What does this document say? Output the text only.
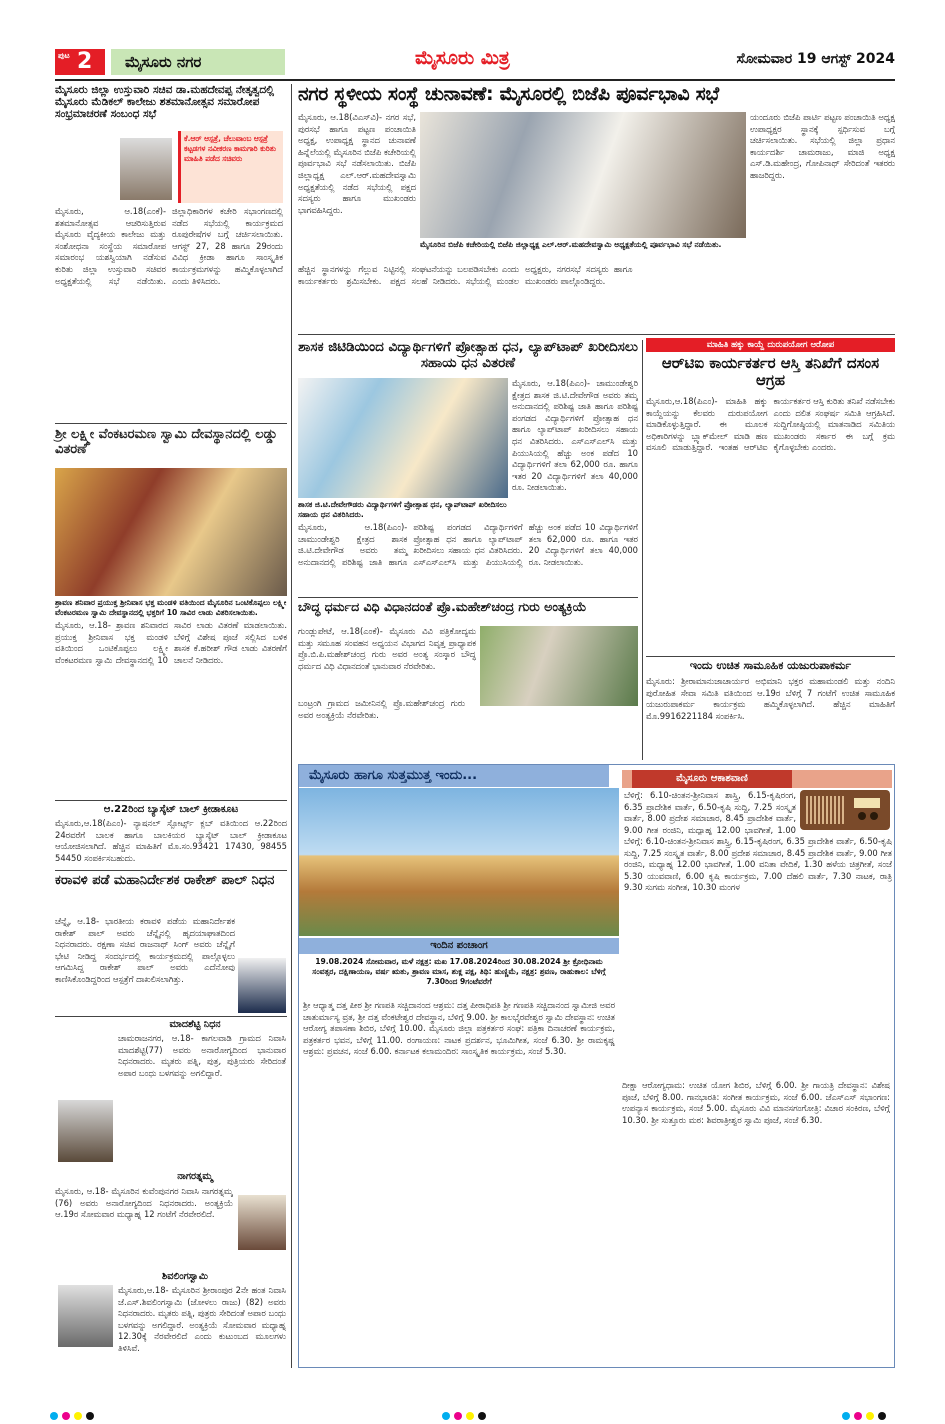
ಪುಟ 2	ಮೈಸೂರು ನಗರ	ಮೈಸೂರು ಮಿತ್ರ	ಸೋಮವಾರ 19 ಆಗಸ್ಟ್ 2024
ಮೈಸೂರು ಜಿಲ್ಲಾ ಉಸ್ತುವಾರಿ ಸಚಿವ ಡಾ.ಮಹದೇವಪ್ಪ ನೇತೃತ್ವದಲ್ಲಿ ಮೈಸೂರು ಮೆಡಿಕಲ್ ಕಾಲೇಜು ಶತಮಾನೋತ್ಸವ ಸಮಾರೋಪ ಸಂಭ್ರಮಾಚರಣೆ ಸಂಬಂಧ ಸಭೆ
ಕೆ.ಆರ್ ಆಸ್ಪತ್ರೆ, ಚೆಲುವಾಂಬ ಆಸ್ಪತ್ರೆ ಕಟ್ಟಡಗಳ ನವೀಕರಣ ಕಾಮಗಾರಿ ಕುರಿತು ಮಾಹಿತಿ ಪಡೆದ ಸಚಿವರು
ಮೈಸೂರು, ಆ.18(ಎಂಕೆ)- ಶತಮಾನೋತ್ಸವ ಆಚರಿಸುತ್ತಿರುವ ಮೈಸೂರು ವೈದ್ಯಕೀಯ ಕಾಲೇಜು ಮತ್ತು ಸಂಶೋಧನಾ ಸಂಸ್ಥೆಯ ಸಮಾರೋಪ ಸಮಾರಂಭ ಯಶಸ್ವಿಯಾಗಿ ನಡೆಸುವ ಕುರಿತು ಜಿಲ್ಲಾ ಉಸ್ತುವಾರಿ ಸಚಿವರ ಅಧ್ಯಕ್ಷತೆಯಲ್ಲಿ ಸಭೆ ನಡೆಯಿತು. ಜಿಲ್ಲಾಧಿಕಾರಿಗಳ ಕಚೇರಿ ಸಭಾಂಗಣದಲ್ಲಿ ನಡೆದ ಸಭೆಯಲ್ಲಿ ಕಾರ್ಯಕ್ರಮದ ರೂಪುರೇಷೆಗಳ ಬಗ್ಗೆ ಚರ್ಚಿಸಲಾಯಿತು. ಆಗಸ್ಟ್ 27, 28 ಹಾಗೂ 29ರಂದು ವಿವಿಧ ಕ್ರೀಡಾ ಹಾಗೂ ಸಾಂಸ್ಕೃತಿಕ ಕಾರ್ಯಕ್ರಮಗಳನ್ನು ಹಮ್ಮಿಕೊಳ್ಳಲಾಗಿದೆ ಎಂದು ತಿಳಿಸಿದರು.
ಶ್ರೀ ಲಕ್ಷ್ಮೀ ವೆಂಕಟರಮಣ ಸ್ವಾಮಿ ದೇವಸ್ಥಾನದಲ್ಲಿ ಲಡ್ಡು ವಿತರಣೆ
ಶ್ರಾವಣ ಶನಿವಾರ ಪ್ರಯುಕ್ತ ಶ್ರೀನಿವಾಸ ಭಕ್ತ ಮಂಡಳಿ ವತಿಯಿಂದ ಮೈಸೂರಿನ ಒಂಟಿಕೊಪ್ಪಲು ಲಕ್ಷ್ಮೀ ವೆಂಕಟರಮಣ ಸ್ವಾಮಿ ದೇವಸ್ಥಾನದಲ್ಲಿ ಭಕ್ತರಿಗೆ 10 ಸಾವಿರ ಲಾಡು ವಿತರಿಸಲಾಯಿತು.
ಮೈಸೂರು, ಆ.18- ಶ್ರಾವಣ ಶನಿವಾರದ ಪ್ರಯುಕ್ತ ಶ್ರೀನಿವಾಸ ಭಕ್ತ ಮಂಡಳಿ ವತಿಯಿಂದ ಒಂಟಿಕೊಪ್ಪಲು ಲಕ್ಷ್ಮೀ ವೆಂಕಟರಮಣ ಸ್ವಾಮಿ ದೇವಸ್ಥಾನದಲ್ಲಿ 10 ಸಾವಿರ ಲಾಡು ವಿತರಣೆ ಮಾಡಲಾಯಿತು. ಬೆಳಿಗ್ಗೆ ವಿಶೇಷ ಪೂಜೆ ಸಲ್ಲಿಸಿದ ಬಳಿಕ ಶಾಸಕ ಕೆ.ಹರೀಶ್ ಗೌಡ ಲಾಡು ವಿತರಣೆಗೆ ಚಾಲನೆ ನೀಡಿದರು.
ಆ.22ರಿಂದ ಬ್ಯಾಸ್ಕೆಟ್ ಬಾಲ್ ಕ್ರೀಡಾಕೂಟ
ಮೈಸೂರು,ಆ.18(ಪಿಎಂ)- ನ್ಯಾಷನಲ್ ಸ್ಪೋರ್ಟ್ಸ್ ಕ್ಲಬ್ ವತಿಯಿಂದ ಆ.22ರಿಂದ 24ರವರೆಗೆ ಬಾಲಕ ಹಾಗೂ ಬಾಲಕಿಯರ ಬ್ಯಾಸ್ಕೆಟ್ ಬಾಲ್ ಕ್ರೀಡಾಕೂಟ ಆಯೋಜಿಸಲಾಗಿದೆ. ಹೆಚ್ಚಿನ ಮಾಹಿತಿಗೆ ಮೊ.ಸಂ.93421 17430, 98455 54450 ಸಂಪರ್ಕಿಸಬಹುದು.
ಕರಾವಳಿ ಪಡೆ ಮಹಾನಿರ್ದೇಶಕ ರಾಕೇಶ್ ಪಾಲ್ ನಿಧನ
ಚೆನ್ನೈ, ಆ.18- ಭಾರತೀಯ ಕರಾವಳಿ ಪಡೆಯ ಮಹಾನಿರ್ದೇಶಕ ರಾಕೇಶ್ ಪಾಲ್ ಅವರು ಚೆನ್ನೈನಲ್ಲಿ ಹೃದಯಾಘಾತದಿಂದ ನಿಧನರಾದರು. ರಕ್ಷಣಾ ಸಚಿವ ರಾಜನಾಥ್ ಸಿಂಗ್ ಅವರು ಚೆನ್ನೈಗೆ ಭೇಟಿ ನೀಡಿದ್ದ ಸಂದರ್ಭದಲ್ಲಿ ಕಾರ್ಯಕ್ರಮದಲ್ಲಿ ಪಾಲ್ಗೊಳ್ಳಲು ಆಗಮಿಸಿದ್ದ ರಾಕೇಶ್ ಪಾಲ್ ಅವರು ಎದೆನೋವು ಕಾಣಿಸಿಕೊಂಡಿದ್ದರಿಂದ ಆಸ್ಪತ್ರೆಗೆ ದಾಖಲಿಸಲಾಗಿತ್ತು.
ಮಾದಶೆಟ್ಟಿ ನಿಧನ
ಚಾಮರಾಜನಗರ, ಆ.18- ಕಾಗಲವಾಡಿ ಗ್ರಾಮದ ನಿವಾಸಿ ಮಾದಶೆಟ್ಟಿ(77) ಅವರು ಅನಾರೋಗ್ಯದಿಂದ ಭಾನುವಾರ ನಿಧನರಾದರು. ಮೃತರು ಪತ್ನಿ, ಪುತ್ರ, ಪುತ್ರಿಯರು ಸೇರಿದಂತೆ ಅಪಾರ ಬಂಧು ಬಳಗವನ್ನು ಅಗಲಿದ್ದಾರೆ.
ನಾಗರತ್ನಮ್ಮ
ಮೈಸೂರು, ಆ.18- ಮೈಸೂರಿನ ಕುವೆಂಪುನಗರ ನಿವಾಸಿ ನಾಗರತ್ನಮ್ಮ (76) ಅವರು ಅನಾರೋಗ್ಯದಿಂದ ನಿಧನರಾದರು. ಅಂತ್ಯಕ್ರಿಯೆ ಆ.19ರ ಸೋಮವಾರ ಮಧ್ಯಾಹ್ನ 12 ಗಂಟೆಗೆ ನೆರವೇರಲಿದೆ.
ಶಿವಲಿಂಗಸ್ವಾಮಿ
ಮೈಸೂರು,ಆ.18- ಮೈಸೂರಿನ ಶ್ರೀರಾಂಪುರ 2ನೇ ಹಂತ ನಿವಾಸಿ ಜೆ.ಎಸ್.ಶಿವಲಿಂಗಸ್ವಾಮಿ (ಜೋಳಲು ರಾಜು) (82) ಅವರು ನಿಧನರಾದರು. ಮೃತರು ಪತ್ನಿ, ಪುತ್ರರು ಸೇರಿದಂತೆ ಅಪಾರ ಬಂಧು ಬಳಗವನ್ನು ಅಗಲಿದ್ದಾರೆ. ಅಂತ್ಯಕ್ರಿಯೆ ಸೋಮವಾರ ಮಧ್ಯಾಹ್ನ 12.30ಕ್ಕೆ ನೆರವೇರಲಿದೆ ಎಂದು ಕುಟುಂಬದ ಮೂಲಗಳು ತಿಳಿಸಿವೆ.
ನಗರ ಸ್ಥಳೀಯ ಸಂಸ್ಥೆ ಚುನಾವಣೆ: ಮೈಸೂರಲ್ಲಿ ಬಿಜೆಪಿ ಪೂರ್ವಭಾವಿ ಸಭೆ
ಮೈಸೂರು, ಆ.18(ವಿಎಸ್‌ವಿ)- ನಗರ ಸಭೆ, ಪುರಸಭೆ ಹಾಗೂ ಪಟ್ಟಣ ಪಂಚಾಯಿತಿ ಅಧ್ಯಕ್ಷ, ಉಪಾಧ್ಯಕ್ಷ ಸ್ಥಾನದ ಚುನಾವಣೆ ಹಿನ್ನೆಲೆಯಲ್ಲಿ ಮೈಸೂರಿನ ಬಿಜೆಪಿ ಕಚೇರಿಯಲ್ಲಿ ಪೂರ್ವಭಾವಿ ಸಭೆ ನಡೆಸಲಾಯಿತು. ಬಿಜೆಪಿ ಜಿಲ್ಲಾಧ್ಯಕ್ಷ ಎಲ್.ಆರ್.ಮಹದೇವಸ್ವಾಮಿ ಅಧ್ಯಕ್ಷತೆಯಲ್ಲಿ ನಡೆದ ಸಭೆಯಲ್ಲಿ ಪಕ್ಷದ ಸದಸ್ಯರು ಹಾಗೂ ಮುಖಂಡರು ಭಾಗವಹಿಸಿದ್ದರು.
ಮೈಸೂರಿನ ಬಿಜೆಪಿ ಕಚೇರಿಯಲ್ಲಿ ಬಿಜೆಪಿ ಜಿಲ್ಲಾಧ್ಯಕ್ಷ ಎಲ್.ಆರ್.ಮಹದೇವಸ್ವಾಮಿ ಅಧ್ಯಕ್ಷತೆಯಲ್ಲಿ ಪೂರ್ವಭಾವಿ ಸಭೆ ನಡೆಯಿತು.
ಯಂದೂರು ಬಿಜೆಪಿ ಪಾರ್ಟಿ ಪಟ್ಟಣ ಪಂಚಾಯಿತಿ ಅಧ್ಯಕ್ಷ ಉಪಾಧ್ಯಕ್ಷರ ಸ್ಥಾನಕ್ಕೆ ಸ್ಪರ್ಧಿಸುವ ಬಗ್ಗೆ ಚರ್ಚಿಸಲಾಯಿತು. ಸಭೆಯಲ್ಲಿ ಜಿಲ್ಲಾ ಪ್ರಧಾನ ಕಾರ್ಯದರ್ಶಿ ಚಾಮರಾಜು, ಮಾಜಿ ಅಧ್ಯಕ್ಷ ಎಸ್.ಡಿ.ಮಹೇಂದ್ರ, ಗೋಪಿನಾಥ್ ಸೇರಿದಂತೆ ಇತರರು ಹಾಜರಿದ್ದರು.
ಹೆಚ್ಚಿನ ಸ್ಥಾನಗಳನ್ನು ಗೆಲ್ಲುವ ನಿಟ್ಟಿನಲ್ಲಿ ಕಾರ್ಯಕರ್ತರು ಶ್ರಮಿಸಬೇಕು. ಪಕ್ಷದ ಸಂಘಟನೆಯನ್ನು ಬಲಪಡಿಸಬೇಕು ಎಂದು ಸಲಹೆ ನೀಡಿದರು. ಸಭೆಯಲ್ಲಿ ಮಂಡಲ ಅಧ್ಯಕ್ಷರು, ನಗರಸಭೆ ಸದಸ್ಯರು ಹಾಗೂ ಮುಖಂಡರು ಪಾಲ್ಗೊಂಡಿದ್ದರು.
ಶಾಸಕ ಜಿಟಿಡಿಯಿಂದ ವಿದ್ಯಾರ್ಥಿಗಳಿಗೆ ಪ್ರೋತ್ಸಾಹ ಧನ, ಲ್ಯಾಪ್‌ಟಾಪ್ ಖರೀದಿಸಲು ಸಹಾಯ ಧನ ವಿತರಣೆ
ಶಾಸಕ ಜಿ.ಟಿ.ದೇವೇಗೌಡರು ವಿದ್ಯಾರ್ಥಿಗಳಿಗೆ ಪ್ರೋತ್ಸಾಹ ಧನ, ಲ್ಯಾಪ್‌ಟಾಪ್ ಖರೀದಿಸಲು ಸಹಾಯ ಧನ ವಿತರಿಸಿದರು.
ಮೈಸೂರು, ಆ.18(ಪಿಎಂ)- ಚಾಮುಂಡೇಶ್ವರಿ ಕ್ಷೇತ್ರದ ಶಾಸಕ ಜಿ.ಟಿ.ದೇವೇಗೌಡ ಅವರು ತಮ್ಮ ಅನುದಾನದಲ್ಲಿ ಪರಿಶಿಷ್ಟ ಜಾತಿ ಹಾಗೂ ಪರಿಶಿಷ್ಟ ಪಂಗಡದ ವಿದ್ಯಾರ್ಥಿಗಳಿಗೆ ಪ್ರೋತ್ಸಾಹ ಧನ ಹಾಗೂ ಲ್ಯಾಪ್‌ಟಾಪ್ ಖರೀದಿಸಲು ಸಹಾಯ ಧನ ವಿತರಿಸಿದರು. ಎಸ್‌ಎಸ್‌ಎಲ್‌ಸಿ ಮತ್ತು ಪಿಯುಸಿಯಲ್ಲಿ ಹೆಚ್ಚು ಅಂಕ ಪಡೆದ 10 ವಿದ್ಯಾರ್ಥಿಗಳಿಗೆ ತಲಾ 62,000 ರೂ. ಹಾಗೂ ಇತರ 20 ವಿದ್ಯಾರ್ಥಿಗಳಿಗೆ ತಲಾ 40,000 ರೂ. ನೀಡಲಾಯಿತು.
ಮೈಸೂರು, ಆ.18(ಪಿಎಂ)- ಚಾಮುಂಡೇಶ್ವರಿ ಕ್ಷೇತ್ರದ ಶಾಸಕ ಜಿ.ಟಿ.ದೇವೇಗೌಡ ಅವರು ತಮ್ಮ ಅನುದಾನದಲ್ಲಿ ಪರಿಶಿಷ್ಟ ಜಾತಿ ಹಾಗೂ ಪರಿಶಿಷ್ಟ ಪಂಗಡದ ವಿದ್ಯಾರ್ಥಿಗಳಿಗೆ ಪ್ರೋತ್ಸಾಹ ಧನ ಹಾಗೂ ಲ್ಯಾಪ್‌ಟಾಪ್ ಖರೀದಿಸಲು ಸಹಾಯ ಧನ ವಿತರಿಸಿದರು. ಎಸ್‌ಎಸ್‌ಎಲ್‌ಸಿ ಮತ್ತು ಪಿಯುಸಿಯಲ್ಲಿ ಹೆಚ್ಚು ಅಂಕ ಪಡೆದ 10 ವಿದ್ಯಾರ್ಥಿಗಳಿಗೆ ತಲಾ 62,000 ರೂ. ಹಾಗೂ ಇತರ 20 ವಿದ್ಯಾರ್ಥಿಗಳಿಗೆ ತಲಾ 40,000 ರೂ. ನೀಡಲಾಯಿತು.
ಬೌದ್ಧ ಧರ್ಮದ ವಿಧಿ ವಿಧಾನದಂತೆ ಪ್ರೊ.ಮಹೇಶ್‌ಚಂದ್ರ ಗುರು ಅಂತ್ಯಕ್ರಿಯೆ
ಗುಂಡ್ಲುಪೇಟೆ, ಆ.18(ಎಂಕೆ)- ಮೈಸೂರು ವಿವಿ ಪತ್ರಿಕೋದ್ಯಮ ಮತ್ತು ಸಮೂಹ ಸಂವಹನ ಅಧ್ಯಯನ ವಿಭಾಗದ ನಿವೃತ್ತ ಪ್ರಾಧ್ಯಾಪಕ ಪ್ರೊ.ಬಿ.ಪಿ.ಮಹೇಶ್‌ಚಂದ್ರ ಗುರು ಅವರ ಅಂತ್ಯ ಸಂಸ್ಕಾರ ಬೌದ್ಧ ಧರ್ಮದ ವಿಧಿ ವಿಧಾನದಂತೆ ಭಾನುವಾರ ನೆರವೇರಿತು.
ಬಂಟ್ರಂಗಿ ಗ್ರಾಮದ ಜಮೀನಿನಲ್ಲಿ ಪ್ರೊ.ಮಹೇಶ್‌ಚಂದ್ರ ಗುರು ಅವರ ಅಂತ್ಯಕ್ರಿಯೆ ನೆರವೇರಿತು.
ಮಾಹಿತಿ ಹಕ್ಕು ಕಾಯ್ದೆ ದುರುಪಯೋಗ ಆರೋಪ
ಆರ್‌ಟಿಐ ಕಾರ್ಯಕರ್ತರ ಆಸ್ತಿ ತನಿಖೆಗೆ ದಸಂಸ ಆಗ್ರಹ
ಮೈಸೂರು,ಆ.18(ಪಿಎಂ)- ಮಾಹಿತಿ ಹಕ್ಕು ಕಾಯ್ದೆಯನ್ನು ಕೆಲವರು ದುರುಪಯೋಗ ಮಾಡಿಕೊಳ್ಳುತ್ತಿದ್ದಾರೆ. ಈ ಮೂಲಕ ಅಧಿಕಾರಿಗಳನ್ನು ಬ್ಲ್ಯಾಕ್‌ಮೇಲ್ ಮಾಡಿ ಹಣ ವಸೂಲಿ ಮಾಡುತ್ತಿದ್ದಾರೆ. ಇಂತಹ ಆರ್‌ಟಿಐ ಕಾರ್ಯಕರ್ತರ ಆಸ್ತಿ ಕುರಿತು ತನಿಖೆ ನಡೆಸಬೇಕು ಎಂದು ದಲಿತ ಸಂಘರ್ಷ ಸಮಿತಿ ಆಗ್ರಹಿಸಿದೆ. ಸುದ್ದಿಗೋಷ್ಠಿಯಲ್ಲಿ ಮಾತನಾಡಿದ ಸಮಿತಿಯ ಮುಖಂಡರು ಸರ್ಕಾರ ಈ ಬಗ್ಗೆ ಕ್ರಮ ಕೈಗೊಳ್ಳಬೇಕು ಎಂದರು.
ಇಂದು ಉಚಿತ ಸಾಮೂಹಿಕ ಯಜುರುಪಾಕರ್ಮ
ಮೈಸೂರು: ಶ್ರೀರಾಮಾನುಜಾಚಾರ್ಯರ ಅಭಿಮಾನಿ ಭಕ್ತರ ಮಹಾಮಂಡಲಿ ಮತ್ತು ನಂದಿನಿ ಪುರೋಹಿತ ಸೇವಾ ಸಮಿತಿ ವತಿಯಿಂದ ಆ.19ರ ಬೆಳಿಗ್ಗೆ 7 ಗಂಟೆಗೆ ಉಚಿತ ಸಾಮೂಹಿಕ ಯಜುರುಪಾಕರ್ಮ ಕಾರ್ಯಕ್ರಮ ಹಮ್ಮಿಕೊಳ್ಳಲಾಗಿದೆ. ಹೆಚ್ಚಿನ ಮಾಹಿತಿಗೆ ಮೊ.9916221184 ಸಂಪರ್ಕಿಸಿ.
ಮೈಸೂರು ಹಾಗೂ ಸುತ್ತಮುತ್ತ ಇಂದು...
ಇಂದಿನ ಪಂಚಾಂಗ
19.08.2024 ಸೋಮವಾರ, ಮಳೆ ನಕ್ಷತ್ರ: ಮಖ 17.08.2024ರಿಂದ 30.08.2024 ಶ್ರೀ ಕ್ರೋಧಿನಾಮ ಸಂವತ್ಸರ, ದಕ್ಷಿಣಾಯಣ, ವರ್ಷ ಋತು, ಶ್ರಾವಣ ಮಾಸ, ಶುಕ್ಲ ಪಕ್ಷ, ತಿಥಿ: ಹುಣ್ಣಿಮೆ, ನಕ್ಷತ್ರ: ಶ್ರವಣ, ರಾಹುಕಾಲ: ಬೆಳಿಗ್ಗೆ 7.30ರಿಂದ 9ಗಂಟೆವರೆಗೆ
ಮೈಸೂರು ಆಕಾಶವಾಣಿ
ಬೆಳಿಗ್ಗೆ: 6.10-ಚಿಂತನ-ಶ್ರೀನಿವಾಸ ಶಾಸ್ತ್ರಿ, 6.15-ಕೃಷಿರಂಗ, 6.35 ಪ್ರಾದೇಶಿಕ ವಾರ್ತೆ, 6.50-ಕೃಷಿ ಸುದ್ದಿ, 7.25 ಸಂಸ್ಕೃತ ವಾರ್ತೆ, 8.00 ಪ್ರದೇಶ ಸಮಾಚಾರ, 8.45 ಪ್ರಾದೇಶಿಕ ವಾರ್ತೆ, 9.00 ಗೀತ ರಂಜಿನಿ, ಮಧ್ಯಾಹ್ನ 12.00 ಭಾವಗೀತೆ, 1.00
ಬೆಳಿಗ್ಗೆ: 6.10-ಚಿಂತನ-ಶ್ರೀನಿವಾಸ ಶಾಸ್ತ್ರಿ, 6.15-ಕೃಷಿರಂಗ, 6.35 ಪ್ರಾದೇಶಿಕ ವಾರ್ತೆ, 6.50-ಕೃಷಿ ಸುದ್ದಿ, 7.25 ಸಂಸ್ಕೃತ ವಾರ್ತೆ, 8.00 ಪ್ರದೇಶ ಸಮಾಚಾರ, 8.45 ಪ್ರಾದೇಶಿಕ ವಾರ್ತೆ, 9.00 ಗೀತ ರಂಜಿನಿ, ಮಧ್ಯಾಹ್ನ 12.00 ಭಾವಗೀತೆ, 1.00 ವನಿತಾ ವೇದಿಕೆ, 1.30 ಹಳೆಯ ಚಿತ್ರಗೀತೆ, ಸಂಜೆ 5.30 ಯುವವಾಣಿ, 6.00 ಕೃಷಿ ಕಾರ್ಯಕ್ರಮ, 7.00 ದೆಹಲಿ ವಾರ್ತೆ, 7.30 ನಾಟಕ, ರಾತ್ರಿ 9.30 ಸುಗಮ ಸಂಗೀತ, 10.30 ಮಂಗಳ
ಶ್ರೀ ಆಧ್ಯಾತ್ಮ ದತ್ತ ಪೀಠ ಶ್ರೀ ಗಣಪತಿ ಸಚ್ಚಿದಾನಂದ ಆಶ್ರಮ: ದತ್ತ ಪೀಠಾಧಿಪತಿ ಶ್ರೀ ಗಣಪತಿ ಸಚ್ಚಿದಾನಂದ ಸ್ವಾಮೀಜಿ ಅವರ ಚಾತುರ್ಮಾಸ್ಯ ವ್ರತ, ಶ್ರೀ ದತ್ತ ವೆಂಕಟೇಶ್ವರ ದೇವಸ್ಥಾನ, ಬೆಳಿಗ್ಗೆ 9.00. ಶ್ರೀ ಕಾಲಭೈರವೇಶ್ವರ ಸ್ವಾಮಿ ದೇವಸ್ಥಾನ: ಉಚಿತ ಆರೋಗ್ಯ ತಪಾಸಣಾ ಶಿಬಿರ, ಬೆಳಿಗ್ಗೆ 10.00. ಮೈಸೂರು ಜಿಲ್ಲಾ ಪತ್ರಕರ್ತರ ಸಂಘ: ಪತ್ರಿಕಾ ದಿನಾಚರಣೆ ಕಾರ್ಯಕ್ರಮ, ಪತ್ರಕರ್ತರ ಭವನ, ಬೆಳಿಗ್ಗೆ 11.00. ರಂಗಾಯಣ: ನಾಟಕ ಪ್ರದರ್ಶನ, ಭೂಮಿಗೀತ, ಸಂಜೆ 6.30. ಶ್ರೀ ರಾಮಕೃಷ್ಣ ಆಶ್ರಮ: ಪ್ರವಚನ, ಸಂಜೆ 6.00. ಕರ್ನಾಟಕ ಕಲಾಮಂದಿರ: ಸಾಂಸ್ಕೃತಿಕ ಕಾರ್ಯಕ್ರಮ, ಸಂಜೆ 5.30.
ದೀಕ್ಷಾ ಆರೋಗ್ಯಧಾಮ: ಉಚಿತ ಯೋಗ ಶಿಬಿರ, ಬೆಳಿಗ್ಗೆ 6.00. ಶ್ರೀ ಗಾಯತ್ರಿ ದೇವಸ್ಥಾನ: ವಿಶೇಷ ಪೂಜೆ, ಬೆಳಿಗ್ಗೆ 8.00. ಗಾನಭಾರತಿ: ಸಂಗೀತ ಕಾರ್ಯಕ್ರಮ, ಸಂಜೆ 6.00. ಜೆಎಸ್‌ಎಸ್ ಸಭಾಂಗಣ: ಉಪನ್ಯಾಸ ಕಾರ್ಯಕ್ರಮ, ಸಂಜೆ 5.00. ಮೈಸೂರು ವಿವಿ ಮಾನಸಗಂಗೋತ್ರಿ: ವಿಚಾರ ಸಂಕಿರಣ, ಬೆಳಿಗ್ಗೆ 10.30. ಶ್ರೀ ಸುತ್ತೂರು ಮಠ: ಶಿವರಾತ್ರೀಶ್ವರ ಸ್ವಾಮಿ ಪೂಜೆ, ಸಂಜೆ 6.30.
